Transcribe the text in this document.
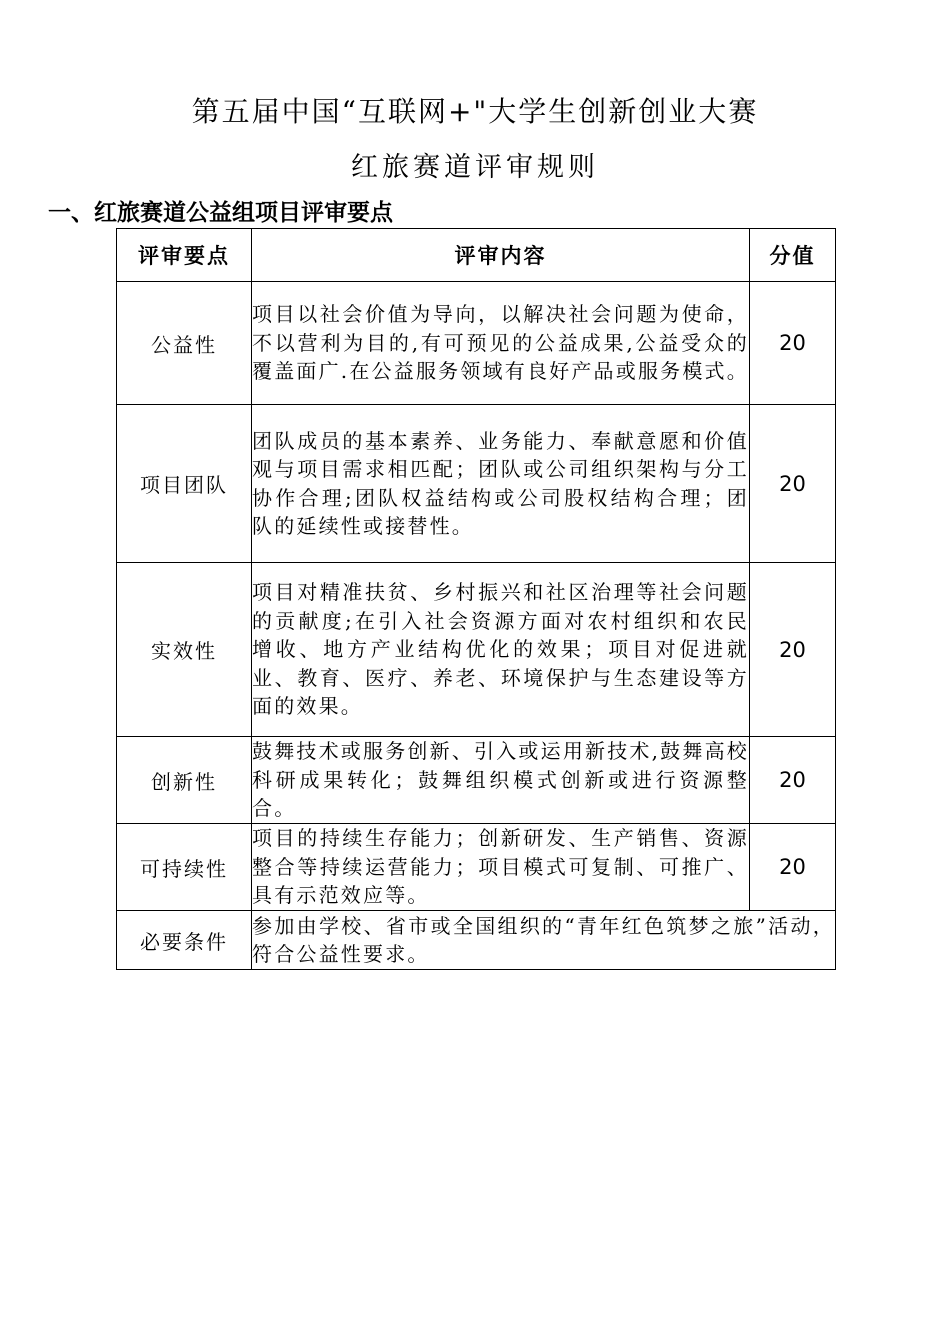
第五届中国“互联网+"大学生创新创业大赛
红旅赛道评审规则
一、红旅赛道公益组项目评审要点
评审要点	评审内容	分值
公益性	项目以社会价值为导向，以解决社会问题为使命，不以营利为目的,有可预见的公益成果,公益受众的覆盖面广.在公益服务领域有良好产品或服务模式。	20
项目团队	团队成员的基本素养、业务能力、奉献意愿和价值观与项目需求相匹配；团队或公司组织架构与分工协作合理;团队权益结构或公司股权结构合理；团队的延续性或接替性。	20
实效性	项目对精准扶贫、乡村振兴和社区治理等社会问题的贡献度;在引入社会资源方面对农村组织和农民增收、地方产业结构优化的效果；项目对促进就业、教育、医疗、养老、环境保护与生态建设等方面的效果。	20
创新性	鼓舞技术或服务创新、引入或运用新技术,鼓舞高校科研成果转化；鼓舞组织模式创新或进行资源整合。	20
可持续性	项目的持续生存能力；创新研发、生产销售、资源整合等持续运营能力；项目模式可复制、可推广、具有示范效应等。	20
必要条件	参加由学校、省市或全国组织的“青年红色筑梦之旅”活动，符合公益性要求。	
